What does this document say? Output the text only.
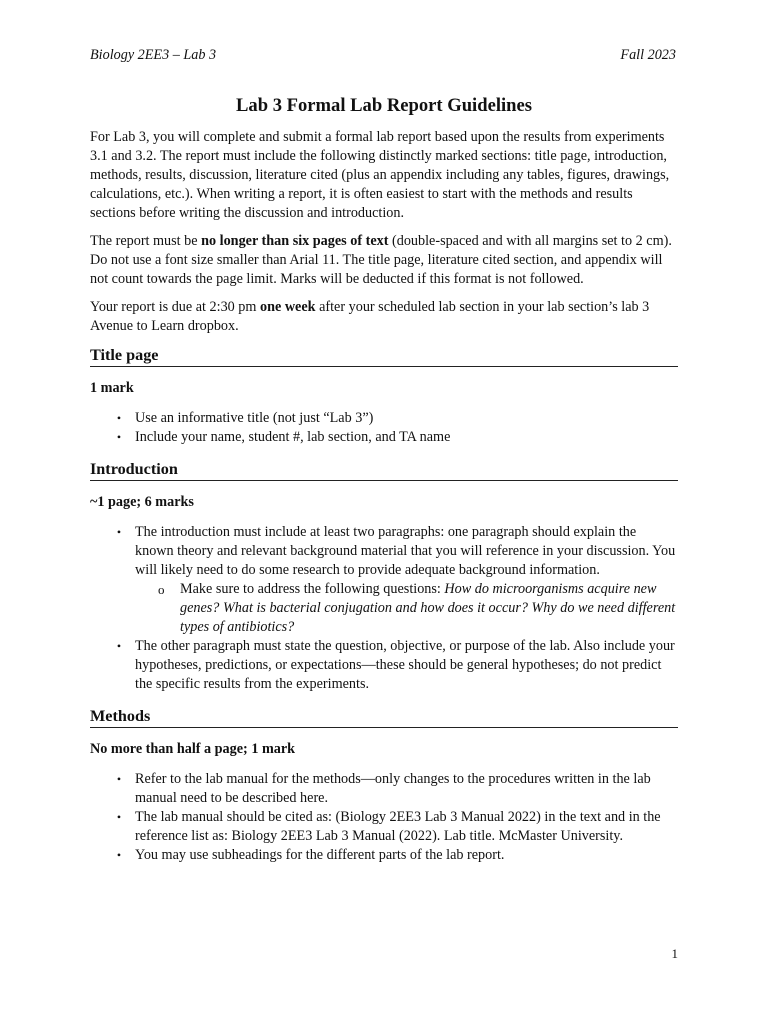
Biology 2EE3 – Lab 3	Fall 2023
Lab 3 Formal Lab Report Guidelines

For Lab 3, you will complete and submit a formal lab report based upon the results from experiments 3.1 and 3.2. The report must include the following distinctly marked sections: title page, introduction, methods, results, discussion, literature cited (plus an appendix including any tables, figures, drawings, calculations, etc.). When writing a report, it is often easiest to start with the methods and results sections before writing the discussion and introduction.

The report must be no longer than six pages of text (double-spaced and with all margins set to 2 cm). Do not use a font size smaller than Arial 11. The title page, literature cited section, and appendix will not count towards the page limit. Marks will be deducted if this format is not followed.

Your report is due at 2:30 pm one week after your scheduled lab section in your lab section’s lab 3 Avenue to Learn dropbox.

Title page
1 mark
• Use an informative title (not just “Lab 3”)
• Include your name, student #, lab section, and TA name
Introduction
~1 page; 6 marks
• The introduction must include at least two paragraphs: one paragraph should explain the known theory and relevant background material that you will reference in your discussion. You will likely need to do some research to provide adequate background information.
o Make sure to address the following questions: How do microorganisms acquire new genes? What is bacterial conjugation and how does it occur? Why do we need different types of antibiotics?
• The other paragraph must state the question, objective, or purpose of the lab. Also include your hypotheses, predictions, or expectations—these should be general hypotheses; do not predict the specific results from the experiments.
Methods
No more than half a page; 1 mark
• Refer to the lab manual for the methods—only changes to the procedures written in the lab manual need to be described here.
• The lab manual should be cited as: (Biology 2EE3 Lab 3 Manual 2022) in the text and in the reference list as: Biology 2EE3 Lab 3 Manual (2022). Lab title. McMaster University.
• You may use subheadings for the different parts of the lab report.
1
